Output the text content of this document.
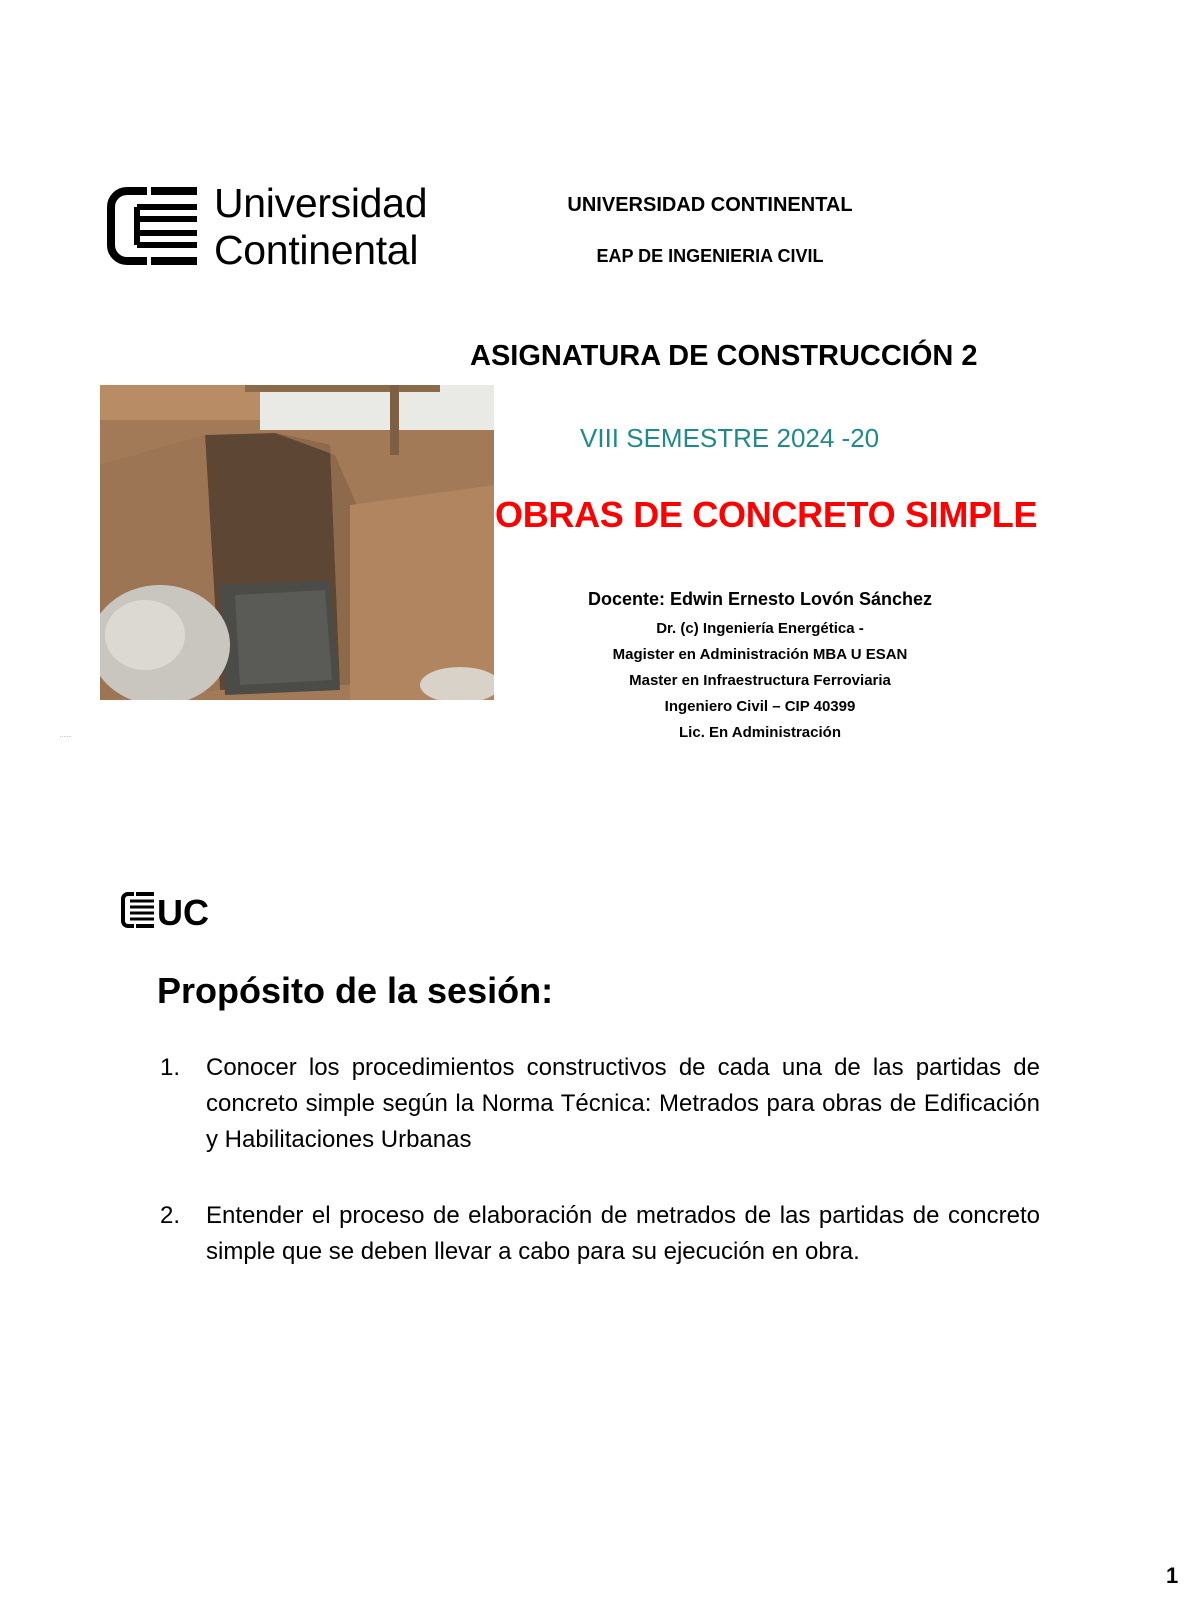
Universidad
Continental
UNIVERSIDAD CONTINENTAL
EAP DE INGENIERIA CIVIL
ASIGNATURA DE CONSTRUCCIÓN 2
VIII SEMESTRE 2024 -20
·······
OBRAS DE CONCRETO SIMPLE
Docente: Edwin Ernesto Lovón Sánchez
Dr. (c) Ingeniería Energética -
Magister en Administración MBA U ESAN
Master en Infraestructura Ferroviaria
Ingeniero Civil – CIP 40399
Lic. En Administración
UC
Propósito de la sesión:
1. Conocer los procedimientos constructivos de cada una de las partidas de concreto simple según la Norma Técnica: Metrados para obras de Edificación y Habilitaciones Urbanas
2. Entender el proceso de elaboración de metrados de las partidas de concreto simple que se deben llevar a cabo para su ejecución en obra.
1
